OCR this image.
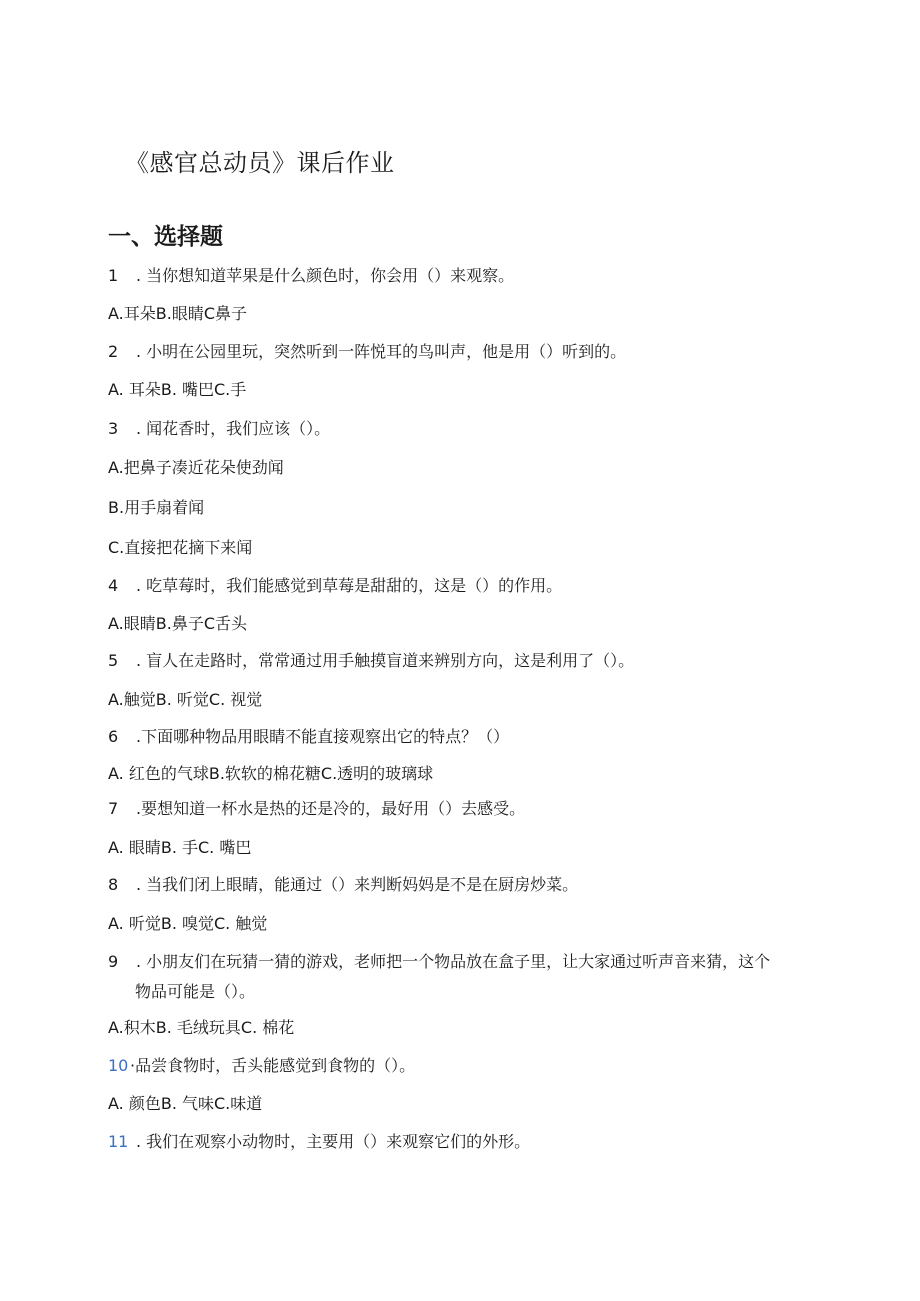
《感官总动员》课后作业
一、选择题
1 . 当你想知道苹果是什么颜色时，你会用（）来观察。
A.耳朵B.眼睛C鼻子
2 . 小明在公园里玩，突然听到一阵悦耳的鸟叫声，他是用（）听到的。
A. 耳朵B. 嘴巴C.手
3 . 闻花香时，我们应该（）。
A.把鼻子凑近花朵使劲闻
B.用手扇着闻
C.直接把花摘下来闻
4 . 吃草莓时，我们能感觉到草莓是甜甜的，这是（）的作用。
A.眼睛B.鼻子C舌头
5 . 盲人在走路时，常常通过用手触摸盲道来辨别方向，这是利用了（）。
A.触觉B. 听觉C. 视觉
6 .下面哪种物品用眼睛不能直接观察出它的特点？（）
A. 红色的气球B.软软的棉花糖C.透明的玻璃球
7 .要想知道一杯水是热的还是冷的，最好用（）去感受。
A. 眼睛B. 手C. 嘴巴
8 . 当我们闭上眼睛，能通过（）来判断妈妈是不是在厨房炒菜。
A. 听觉B. 嗅觉C. 触觉
9 . 小朋友们在玩猜一猜的游戏，老师把一个物品放在盒子里，让大家通过听声音来猜，这个
物品可能是（）。
A.积木B. 毛绒玩具C. 棉花
10 ·品尝食物时，舌头能感觉到食物的（）。
A. 颜色B. 气味C.味道
11 . 我们在观察小动物时，主要用（）来观察它们的外形。
